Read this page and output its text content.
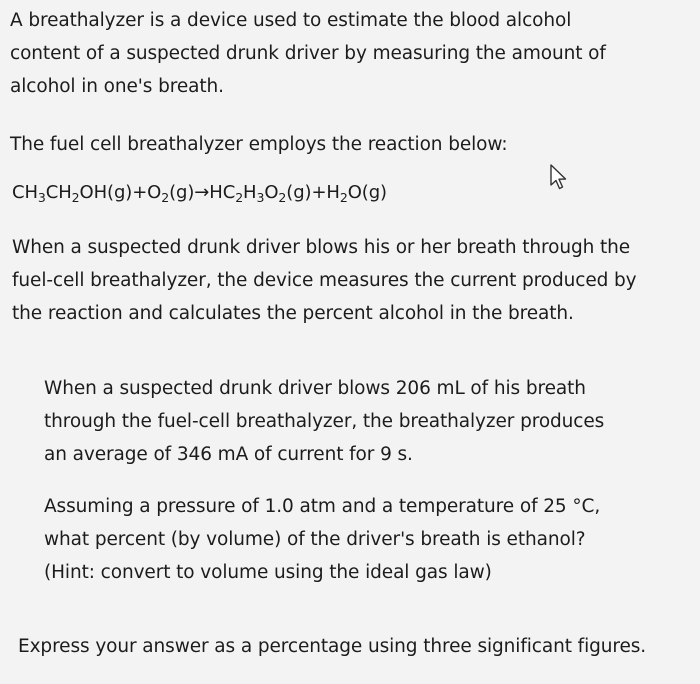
A breathalyzer is a device used to estimate the blood alcohol
content of a suspected drunk driver by measuring the amount of
alcohol in one's breath.

The fuel cell breathalyzer employs the reaction below:

$CH_3CH_2OH(g)+O_2(g)\to HC_2H_3O_2(g)+H_2O(g)$

When a suspected drunk driver blows his or her breath through the
fuel-cell breathalyzer, the device measures the current produced by
the reaction and calculates the percent alcohol in the breath.

When a suspected drunk driver blows 206 mL of his breath
through the fuel-cell breathalyzer, the breathalyzer produces
an average of 346 mA of current for 9 s.

Assuming a pressure of 1.0 atm and a temperature of 25 °C,
what percent (by volume) of the driver's breath is ethanol?
(Hint: convert to volume using the ideal gas law)

Express your answer as a percentage using three significant figures.
